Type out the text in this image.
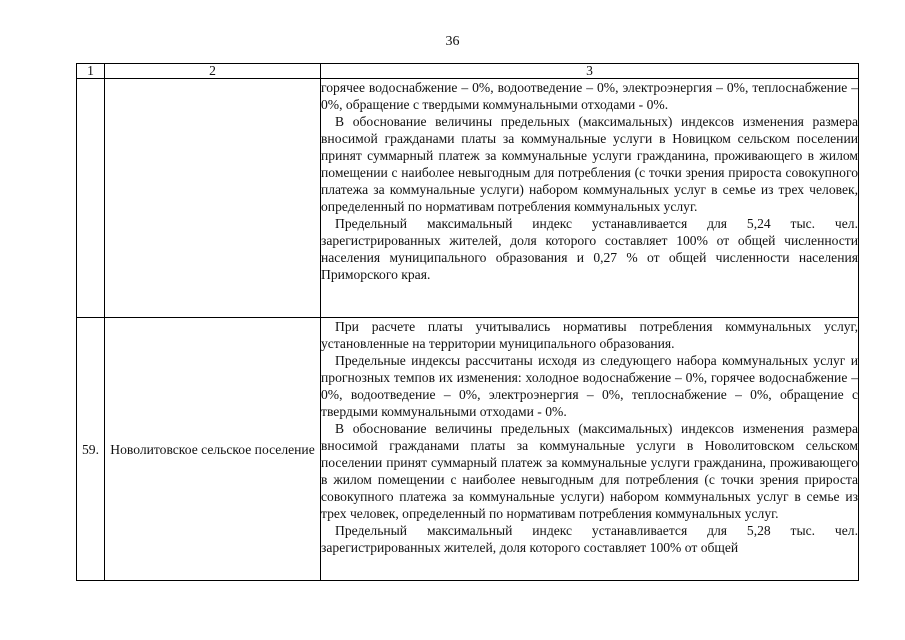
36
1	2	3

		горячее водоснабжение – 0%, водоотведение – 0%, электроэнергия – 0%, теплоснабжение – 0%, обращение с твердыми коммунальными отходами - 0%.

В обоснование величины предельных (максимальных) индексов изменения размера вносимой гражданами платы за коммунальные услуги в Новицком сельском поселении принят суммарный платеж за коммунальные услуги гражданина, проживающего в жилом помещении с наиболее невыгодным для потребления (с точки зрения прироста совокупного платежа за коммунальные услуги) набором коммунальных услуг в семье из трех человек, определенный по нормативам потребления коммунальных услуг.

Предельный максимальный индекс устанавливается для 5,24 тыс. чел. зарегистрированных жителей, доля которого составляет 100% от общей численности населения муниципального образования и 0,27 % от общей численности населения Приморского края.

59.	Новолитовское сельское поселение	При расчете платы учитывались нормативы потребления коммунальных услуг, установленные на территории муниципального образования.

Предельные индексы рассчитаны исходя из следующего набора коммунальных услуг и прогнозных темпов их изменения: холодное водоснабжение – 0%, горячее водоснабжение – 0%, водоотведение – 0%, электроэнергия – 0%, теплоснабжение – 0%, обращение с твердыми коммунальными отходами - 0%.

В обоснование величины предельных (максимальных) индексов изменения размера вносимой гражданами платы за коммунальные услуги в Новолитовском сельском поселении принят суммарный платеж за коммунальные услуги гражданина, проживающего в жилом помещении с наиболее невыгодным для потребления (с точки зрения прироста совокупного платежа за коммунальные услуги) набором коммунальных услуг в семье из трех человек, определенный по нормативам потребления коммунальных услуг.

Предельный максимальный индекс устанавливается для 5,28 тыс. чел. зарегистрированных жителей, доля которого составляет 100% от общей
